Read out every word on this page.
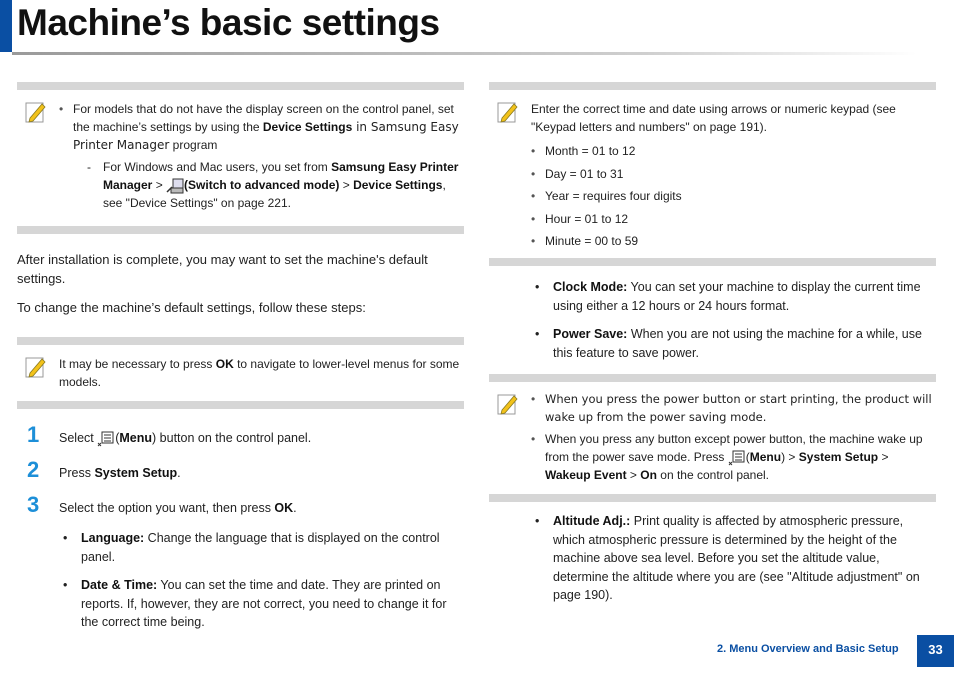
Machine’s basic settings
• For models that do not have the display screen on the control panel, set the machine’s settings by using the Device Settings in Samsung Easy Printer Manager program
- For Windows and Mac users, you set from Samsung Easy Printer Manager > (Switch to advanced mode) > Device Settings, see "Device Settings" on page 221.

After installation is complete, you may want to set the machine's default settings.

To change the machine’s default settings, follow these steps:

It may be necessary to press OK to navigate to lower-level menus for some models.

1 Select (Menu) button on the control panel.
2 Press System Setup.
3 Select the option you want, then press OK.
• Language: Change the language that is displayed on the control panel.
• Date & Time: You can set the time and date. They are printed on reports. If, however, they are not correct, you need to change it for the correct time being.

Enter the correct time and date using arrows or numeric keypad (see "Keypad letters and numbers" on page 191).

• Month = 01 to 12
• Day = 01 to 31
• Year = requires four digits
• Hour = 01 to 12
• Minute = 00 to 59
• Clock Mode: You can set your machine to display the current time using either a 12 hours or 24 hours format.
• Power Save: When you are not using the machine for a while, use this feature to save power.
• When you press the power button or start printing, the product will wake up from the power saving mode.
• When you press any button except power button, the machine wake up from the power save mode. Press (Menu) > System Setup > Wakeup Event > On on the control panel.
• Altitude Adj.: Print quality is affected by atmospheric pressure, which atmospheric pressure is determined by the height of the machine above sea level. Before you set the altitude value, determine the altitude where you are (see "Altitude adjustment" on page 190).
2. Menu Overview and Basic Setup	33
